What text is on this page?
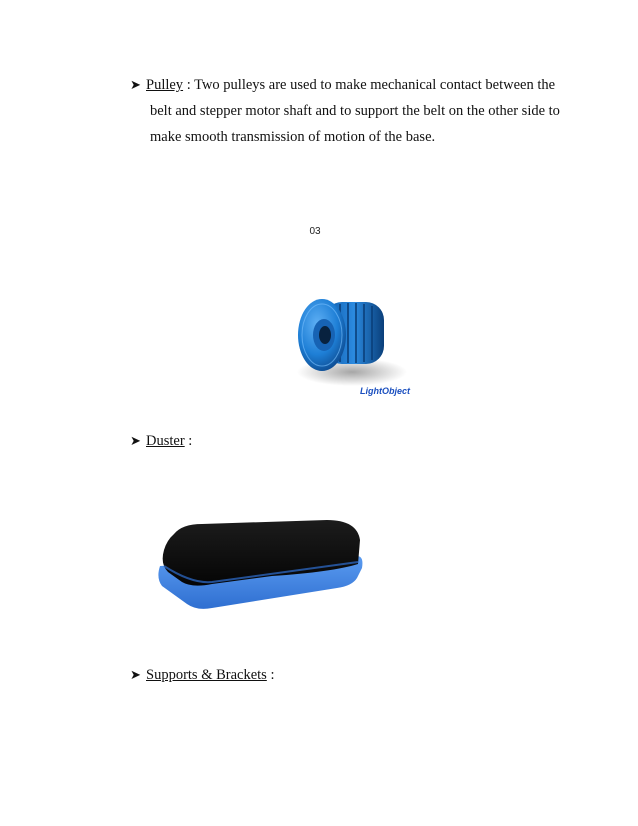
➤ Pulley : Two pulleys are used to make mechanical contact between the
belt and stepper motor shaft and to support the belt on the other side to
make smooth transmission of motion of the base.
03
LightObject
➤ Duster :
➤ Supports & Brackets :
